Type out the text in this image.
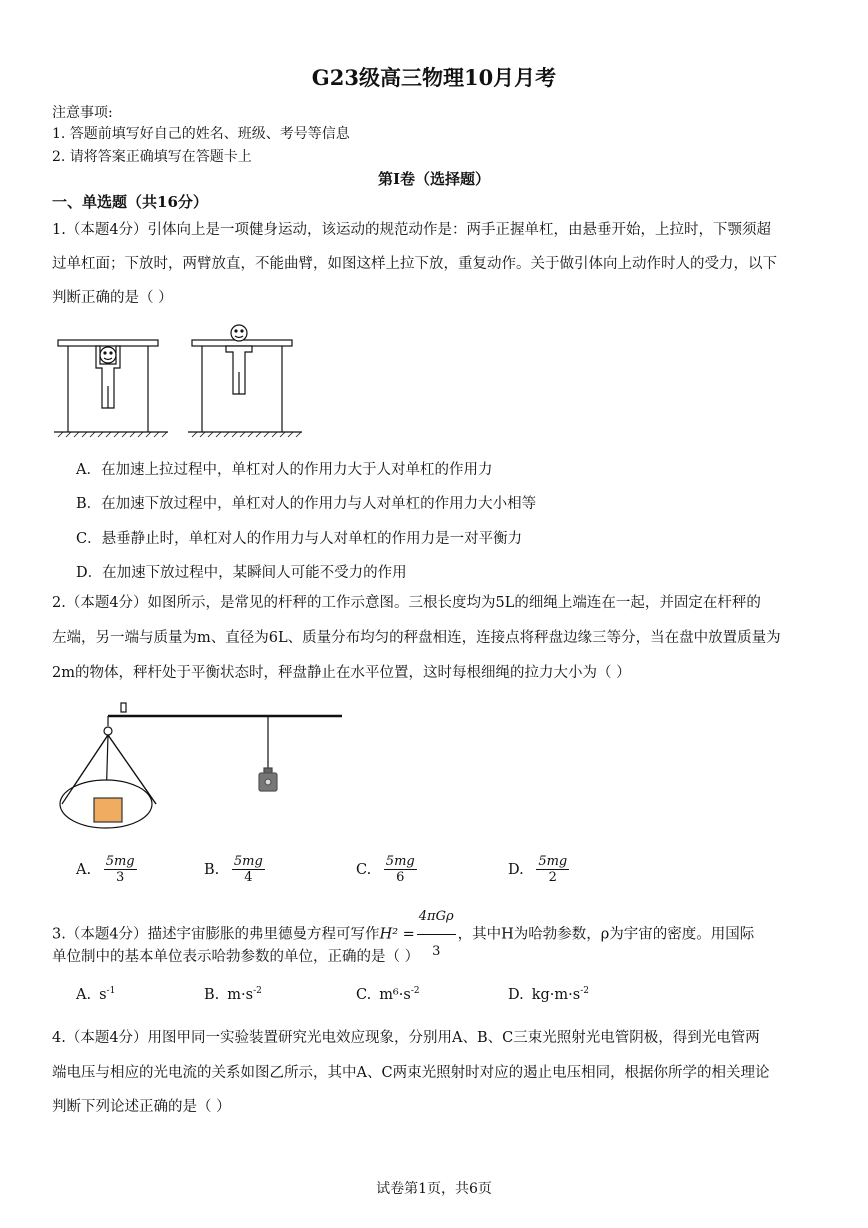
G23级高三物理10月月考
注意事项:
1. 答题前填写好自己的姓名、班级、考号等信息
2. 请将答案正确填写在答题卡上
第I卷（选择题）
一、单选题（共16分）
1.（本题4分）引体向上是一项健身运动，该运动的规范动作是：两手正握单杠，由悬垂开始，上拉时，下颚须超
过单杠面；下放时，两臂放直，不能曲臂，如图这样上拉下放，重复动作。关于做引体向上动作时人的受力，以下
判断正确的是（ ）
A．在加速上拉过程中，单杠对人的作用力大于人对单杠的作用力
B．在加速下放过程中，单杠对人的作用力与人对单杠的作用力大小相等
C．悬垂静止时，单杠对人的作用力与人对单杠的作用力是一对平衡力
D．在加速下放过程中，某瞬间人可能不受力的作用
2.（本题4分）如图所示，是常见的杆秤的工作示意图。三根长度均为5L的细绳上端连在一起，并固定在杆秤的
左端，另一端与质量为m、直径为6L、质量分布均匀的秤盘相连，连接点将秤盘边缘三等分，当在盘中放置质量为
2m的物体，秤杆处于平衡状态时，秤盘静止在水平位置，这时每根细绳的拉力大小为（ ）
A. $\frac{5mg}{3}$	B. $\frac{5mg}{4}$	C. $\frac{5mg}{6}$	D. $\frac{5mg}{2}$
3.（本题4分）描述宇宙膨胀的弗里德曼方程可写作$H^2 = \frac{\text{4πGρ}}{3}$ ，其中H为哈勃参数，ρ为宇宙的密度。用国际
单位制中的基本单位表示哈勃参数的单位，正确的是（ ）
A. $s^{-1}$	B. $m\cdot s^{-2}$	C. $m^6\cdot s^{-2}$	D. $kg\cdot m\cdot s^{-2}$
4.（本题4分）用图甲同一实验装置研究光电效应现象，分别用A、B、C三束光照射光电管阴极，得到光电管两
端电压与相应的光电流的关系如图乙所示，其中A、C两束光照射时对应的遏止电压相同，根据你所学的相关理论
判断下列论述正确的是（ ）
试卷第1页，共6页
